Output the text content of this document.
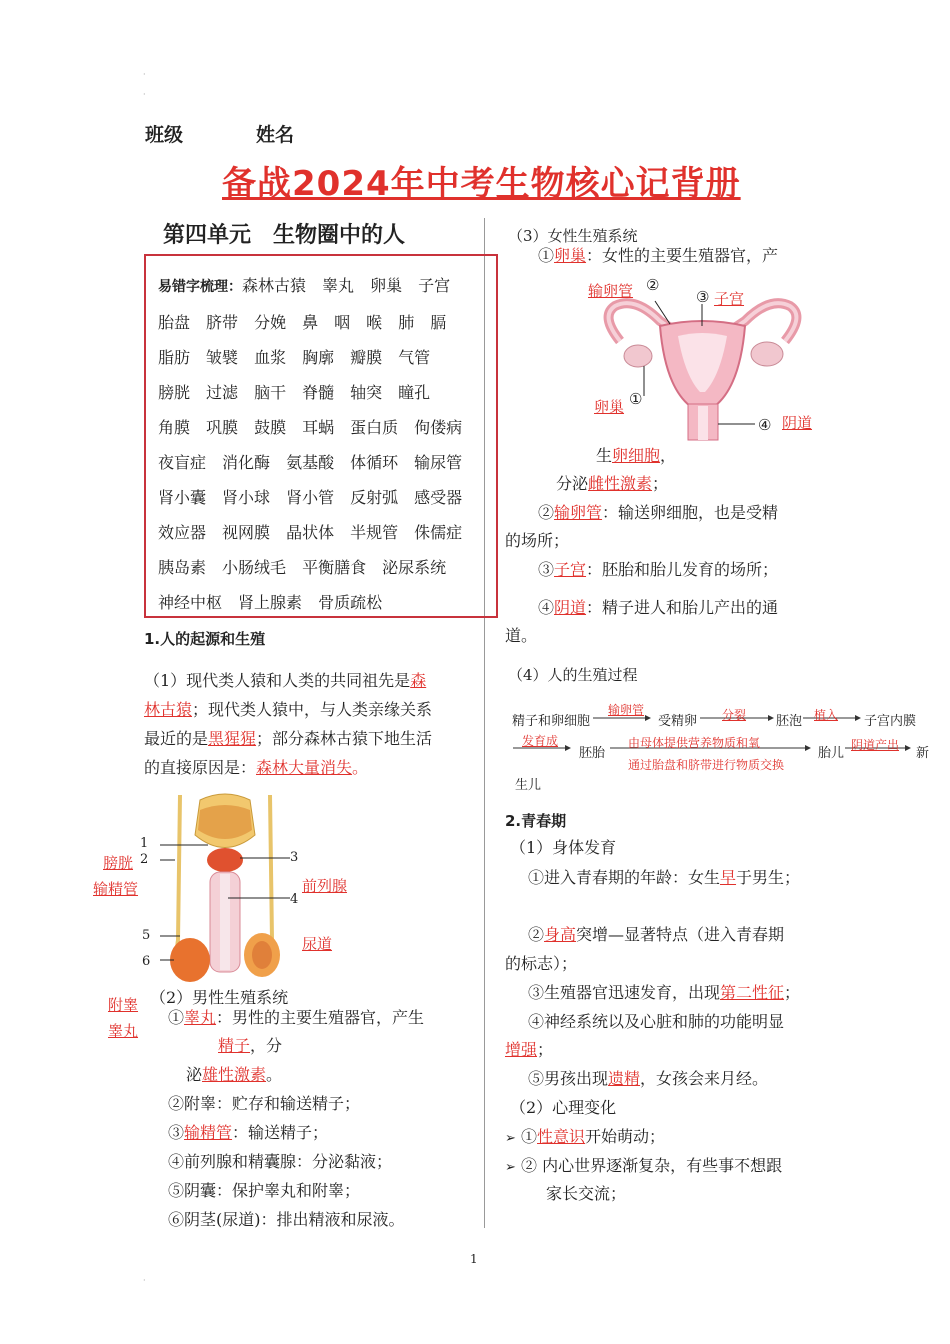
·
·
·
班级	姓名
备战2024年中考生物核心记背册
第四单元　生物圈中的人
易错字梳理：森林古猿　 睾丸　 卵巢　 子宫
胎盘　 脐带　 分娩　 鼻　 咽　 喉　 肺　 膈
脂肪　 皱襞　 血浆　 胸廓　 瓣膜　 气管
膀胱　 过滤　 脑干　 脊髓　 轴突　 瞳孔
角膜　 巩膜　 鼓膜　 耳蜗　 蛋白质　 佝偻病
夜盲症　 消化酶　 氨基酸　 体循环　 输尿管
肾小囊　 肾小球　 肾小管　 反射弧　 感受器
效应器　 视网膜　 晶状体　 半规管　 侏儒症
胰岛素　 小肠绒毛　 平衡膳食　 泌尿系统
神经中枢　 肾上腺素　 骨质疏松
1.人的起源和生殖
（1）现代类人猿和人类的共同祖先是森
林古猿；现代类人猿中，与人类亲缘关系
最近的是黑猩猩；部分森林古猿下地生活
的直接原因是：森林大量消失。
1
2	3
4
5
6
膀胱
输精管	前列腺
尿道
附睾
睾丸
（2）男性生殖系统
①睾丸：男性的主要生殖器官，产生
精子，分
泌雄性激素。
②附睾：贮存和输送精子；
③输精管：输送精子；
④前列腺和精囊腺：分泌黏液；
⑤阴囊：保护睾丸和附睾；
⑥阴茎(尿道)：排出精液和尿液。
（3）女性生殖系统
①卵巢：女性的主要生殖器官，产
输卵管 ②
③ 子宫
卵巢 ①
④ 阴道
生卵细胞，
分泌雌性激素；
②输卵管：输送卵细胞，也是受精
的场所；
③子宫：胚胎和胎儿发育的场所；
④阴道：精子进人和胎儿产出的通
道。
（4）人的生殖过程
精子和卵细胞
输卵管
受精卵 分裂 胚泡 植入 子宫内膜
发育成
胚胎
由母体提供营养物质和氧
通过胎盘和脐带进行物质交换
胎儿
阴道产出
新
生儿
2.青春期
（1）身体发育
①进入青春期的年龄：女生早于男生；
②身高突增—显著特点（进入青春期
的标志）；
③生殖器官迅速发育，出现第二性征；
④神经系统以及心脏和肺的功能明显
增强；
⑤男孩出现遗精，女孩会来月经。
（2）心理变化
➢ ①性意识开始萌动；
➢ ② 内心世界逐渐复杂，有些事不想跟
家长交流；
1
